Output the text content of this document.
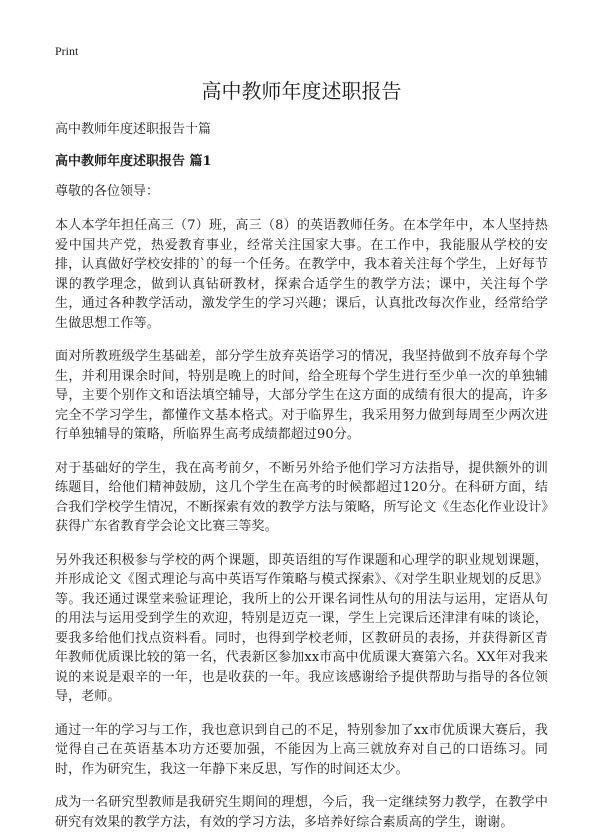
Print
高中教师年度述职报告
高中教师年度述职报告十篇
高中教师年度述职报告 篇1
尊敬的各位领导：

本人本学年担任高三（7）班，高三（8）的英语教师任务。在本学年中，本人坚持热爱中国共产党，热爱教育事业，经常关注国家大事。在工作中，我能服从学校的安排，认真做好学校安排的`的每一个任务。在教学中，我本着关注每个学生，上好每节课的教学理念，做到认真钻研教材，探索合适学生的教学方法；课中，关注每个学生，通过各种教学活动，激发学生的学习兴趣；课后，认真批改每次作业，经常给学生做思想工作等。

面对所教班级学生基础差，部分学生放弃英语学习的情况，我坚持做到不放弃每个学生，并利用课余时间，特别是晚上的时间，给全班每个学生进行至少单一次的单独辅导，主要个别作文和语法填空辅导，大部分学生在这方面的成绩有很大的提高，许多完全不学习学生，都懂作文基本格式。对于临界生，我采用努力做到每周至少两次进行单独辅导的策略，所临界生高考成绩都超过90分。

对于基础好的学生，我在高考前夕，不断另外给予他们学习方法指导，提供额外的训练题目，给他们精神鼓励，这几个学生在高考的时候都超过120分。在科研方面，结合我们学校学生情况，不断探索有效的教学方法与策略，所写论文《生态化作业设计》获得广东省教育学会论文比赛三等奖。

另外我还积极参与学校的两个课题，即英语组的写作课题和心理学的职业规划课题，并形成论文《图式理论与高中英语写作策略与模式探索》、《对学生职业规划的反思》等。我还通过课堂来验证理论，我所上的公开课名词性从句的用法与运用，定语从句的用法与运用受到学生的欢迎，特别是迈克一课，学生上完课后还津津有味的谈论，要我多给他们找点资料看。同时，也得到学校老师，区教研员的表扬，并获得新区青年教师优质课比较的第一名，代表新区参加xx市高中优质课大赛第六名。XX年对我来说的来说是艰辛的一年，也是收获的一年。我应该感谢给予提供帮助与指导的各位领导，老师。

通过一年的学习与工作，我也意识到自己的不足，特别参加了xx市优质课大赛后，我觉得自己在英语基本功方还要加强，不能因为上高三就放弃对自己的口语练习。同时，作为研究生，我这一年静下来反思，写作的时间还太少。

成为一名研究型教师是我研究生期间的理想，今后，我一定继续努力教学，在教学中研究有效果的教学方法，有效的学习方法，多培养好综合素质高的学生，谢谢。
